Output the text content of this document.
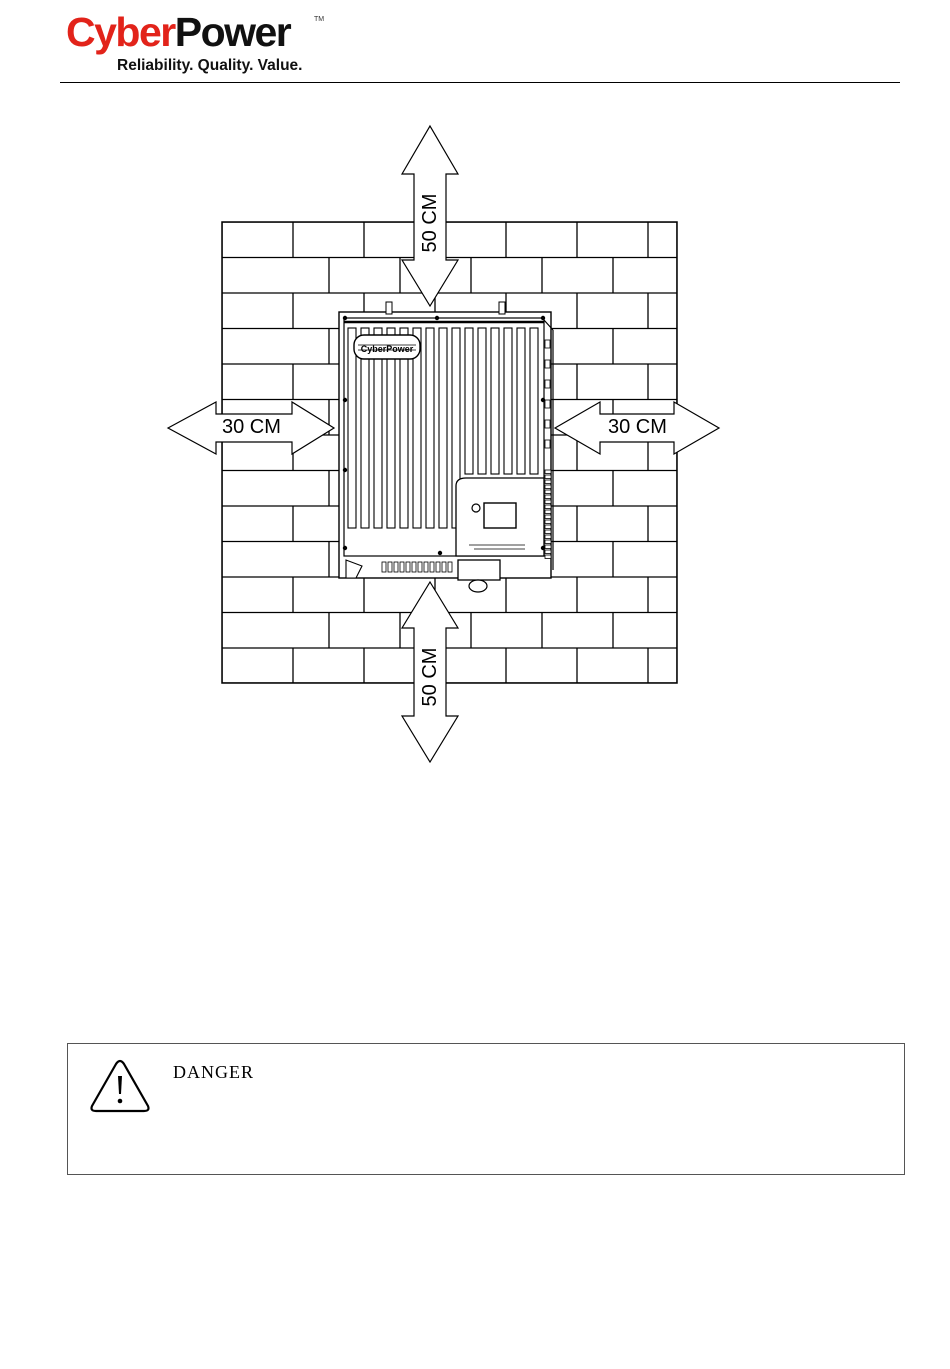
CyberPower	TM
Reliability. Quality. Value.
50 CM
50 CM
30 CM	30 CM
CyberPower
DANGER
